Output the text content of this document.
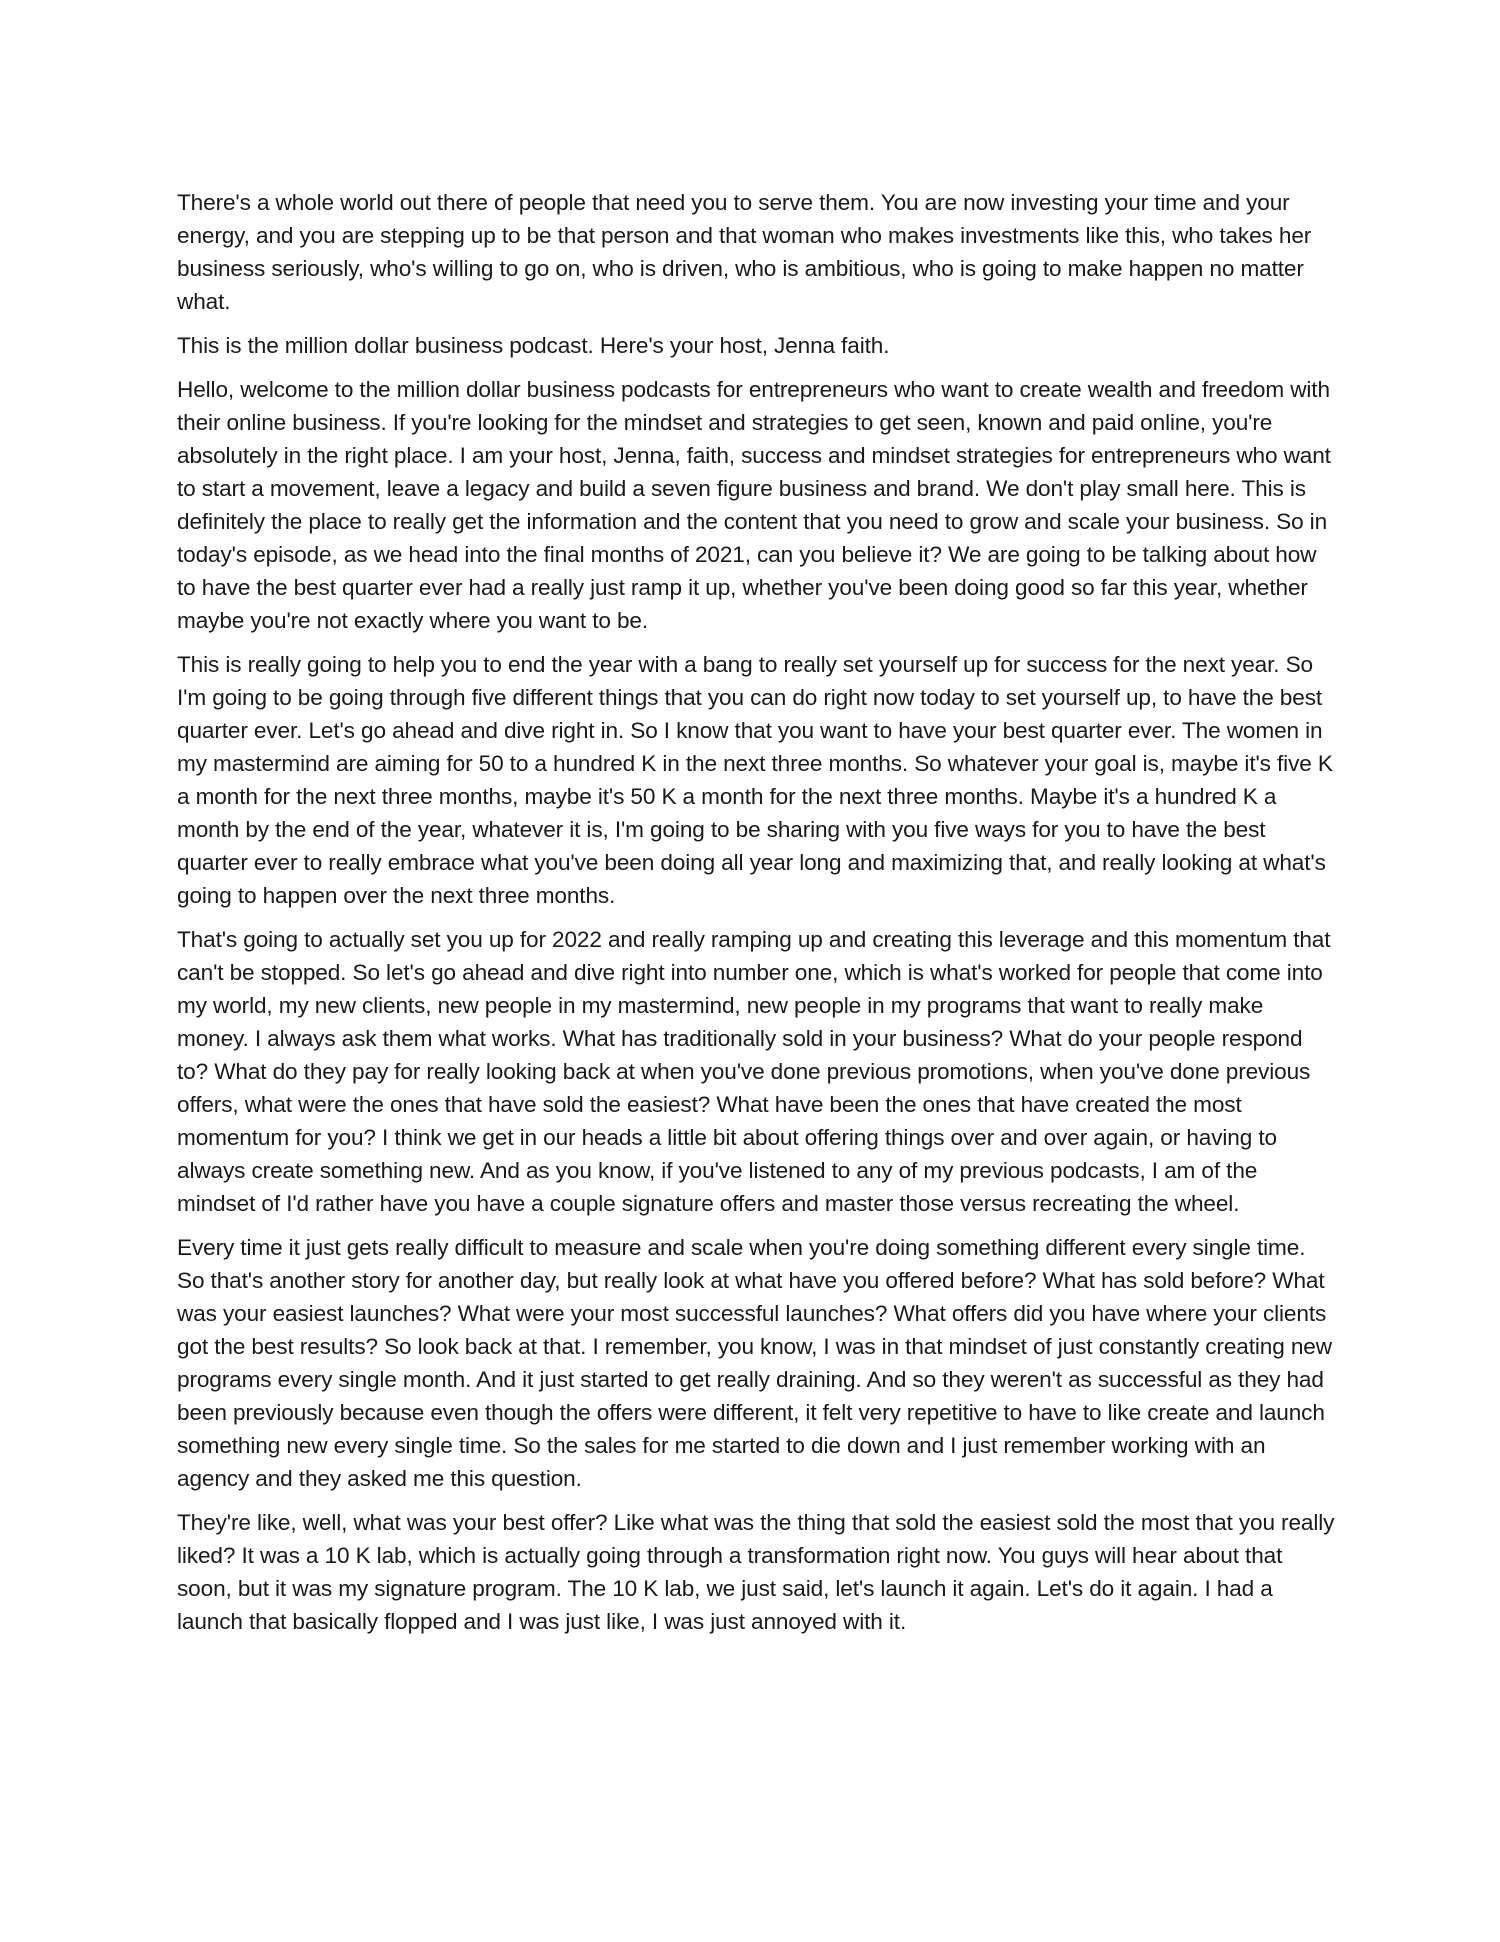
There's a whole world out there of people that need you to serve them. You are now investing your time and your energy, and you are stepping up to be that person and that woman who makes investments like this, who takes her business seriously, who's willing to go on, who is driven, who is ambitious, who is going to make happen no matter what.

This is the million dollar business podcast. Here's your host, Jenna faith.

Hello, welcome to the million dollar business podcasts for entrepreneurs who want to create wealth and freedom with their online business. If you're looking for the mindset and strategies to get seen, known and paid online, you're absolutely in the right place. I am your host, Jenna, faith, success and mindset strategies for entrepreneurs who want to start a movement, leave a legacy and build a seven figure business and brand. We don't play small here. This is definitely the place to really get the information and the content that you need to grow and scale your business. So in today's episode, as we head into the final months of 2021, can you believe it? We are going to be talking about how to have the best quarter ever had a really just ramp it up, whether you've been doing good so far this year, whether maybe you're not exactly where you want to be.

This is really going to help you to end the year with a bang to really set yourself up for success for the next year. So I'm going to be going through five different things that you can do right now today to set yourself up, to have the best quarter ever. Let's go ahead and dive right in. So I know that you want to have your best quarter ever. The women in my mastermind are aiming for 50 to a hundred K in the next three months. So whatever your goal is, maybe it's five K a month for the next three months, maybe it's 50 K a month for the next three months. Maybe it's a hundred K a month by the end of the year, whatever it is, I'm going to be sharing with you five ways for you to have the best quarter ever to really embrace what you've been doing all year long and maximizing that, and really looking at what's going to happen over the next three months.

That's going to actually set you up for 2022 and really ramping up and creating this leverage and this momentum that can't be stopped. So let's go ahead and dive right into number one, which is what's worked for people that come into my world, my new clients, new people in my mastermind, new people in my programs that want to really make money. I always ask them what works. What has traditionally sold in your business? What do your people respond to? What do they pay for really looking back at when you've done previous promotions, when you've done previous offers, what were the ones that have sold the easiest? What have been the ones that have created the most momentum for you? I think we get in our heads a little bit about offering things over and over again, or having to always create something new. And as you know, if you've listened to any of my previous podcasts, I am of the mindset of I'd rather have you have a couple signature offers and master those versus recreating the wheel.

Every time it just gets really difficult to measure and scale when you're doing something different every single time. So that's another story for another day, but really look at what have you offered before? What has sold before? What was your easiest launches? What were your most successful launches? What offers did you have where your clients got the best results? So look back at that. I remember, you know, I was in that mindset of just constantly creating new programs every single month. And it just started to get really draining. And so they weren't as successful as they had been previously because even though the offers were different, it felt very repetitive to have to like create and launch something new every single time. So the sales for me started to die down and I just remember working with an agency and they asked me this question.

They're like, well, what was your best offer? Like what was the thing that sold the easiest sold the most that you really liked? It was a 10 K lab, which is actually going through a transformation right now. You guys will hear about that soon, but it was my signature program. The 10 K lab, we just said, let's launch it again. Let's do it again. I had a launch that basically flopped and I was just like, I was just annoyed with it.
